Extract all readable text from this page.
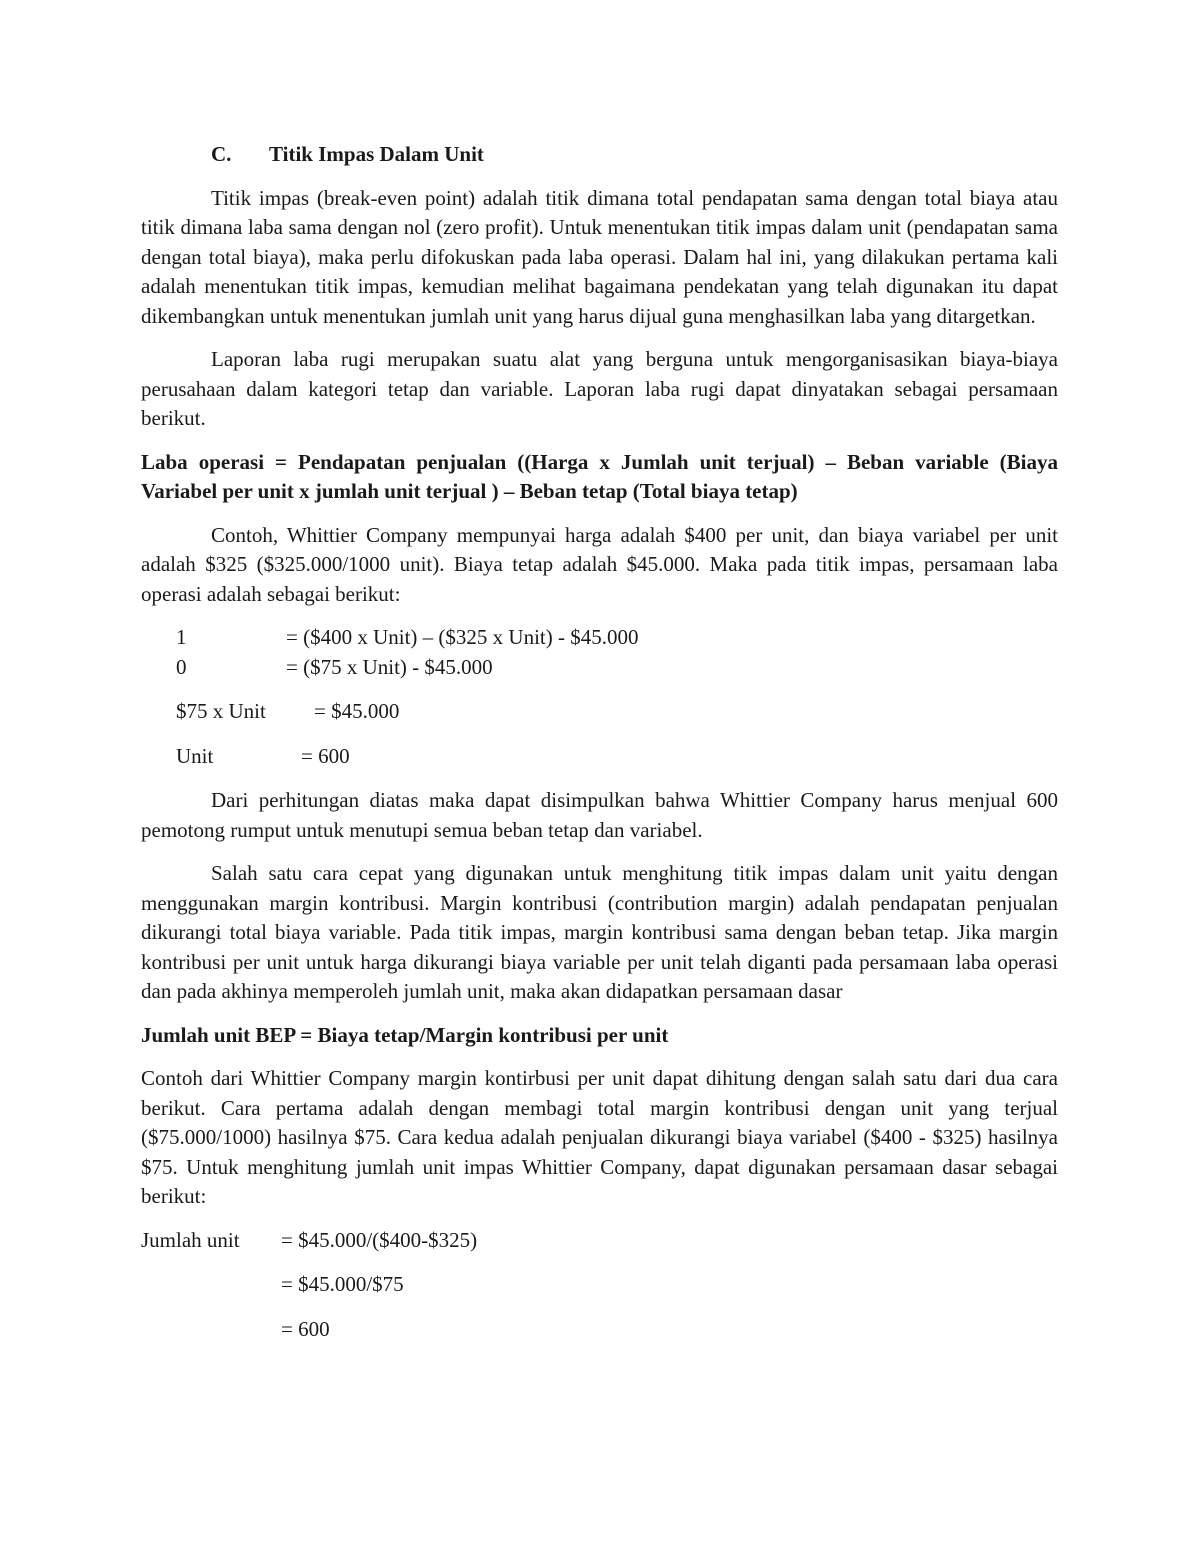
C.	Titik Impas Dalam Unit

Titik impas (break-even point) adalah titik dimana total pendapatan sama dengan total biaya atau titik dimana laba sama dengan nol (zero profit). Untuk menentukan titik impas dalam unit (pendapatan sama dengan total biaya), maka perlu difokuskan pada laba operasi. Dalam hal ini, yang dilakukan pertama kali adalah menentukan titik impas, kemudian melihat bagaimana pendekatan yang telah digunakan itu dapat dikembangkan untuk menentukan jumlah unit yang harus dijual guna menghasilkan laba yang ditargetkan.

Laporan laba rugi merupakan suatu alat yang berguna untuk mengorganisasikan biaya-biaya perusahaan dalam kategori tetap dan variable. Laporan laba rugi dapat dinyatakan sebagai persamaan berikut.

Laba operasi = Pendapatan penjualan ((Harga x Jumlah unit terjual) – Beban variable (Biaya Variabel per unit x jumlah unit terjual ) – Beban tetap (Total biaya tetap)

Contoh, Whittier Company mempunyai harga adalah $400 per unit, dan biaya variabel per unit adalah $325 ($325.000/1000 unit). Biaya tetap adalah $45.000. Maka pada titik impas, persamaan laba operasi adalah sebagai berikut:

1	= ($400 x Unit) – ($325 x Unit) - $45.000
0	= ($75 x Unit) - $45.000
$75 x Unit	= $45.000
Unit	= 600

Dari perhitungan diatas maka dapat disimpulkan bahwa Whittier Company harus menjual 600 pemotong rumput untuk menutupi semua beban tetap dan variabel.

Salah satu cara cepat yang digunakan untuk menghitung titik impas dalam unit yaitu dengan menggunakan margin kontribusi. Margin kontribusi (contribution margin) adalah pendapatan penjualan dikurangi total biaya variable. Pada titik impas, margin kontribusi sama dengan beban tetap. Jika margin kontribusi per unit untuk harga dikurangi biaya variable per unit telah diganti pada persamaan laba operasi dan pada akhinya memperoleh jumlah unit, maka akan didapatkan persamaan dasar

Jumlah unit BEP = Biaya tetap/Margin kontribusi per unit

Contoh dari Whittier Company margin kontirbusi per unit dapat dihitung dengan salah satu dari dua cara berikut. Cara pertama adalah dengan membagi total margin kontribusi dengan unit yang terjual ($75.000/1000) hasilnya $75. Cara kedua adalah penjualan dikurangi biaya variabel ($400 - $325) hasilnya $75. Untuk menghitung jumlah unit impas Whittier Company, dapat digunakan persamaan dasar sebagai berikut:

Jumlah unit	= $45.000/($400-$325)
= $45.000/$75
= 600
